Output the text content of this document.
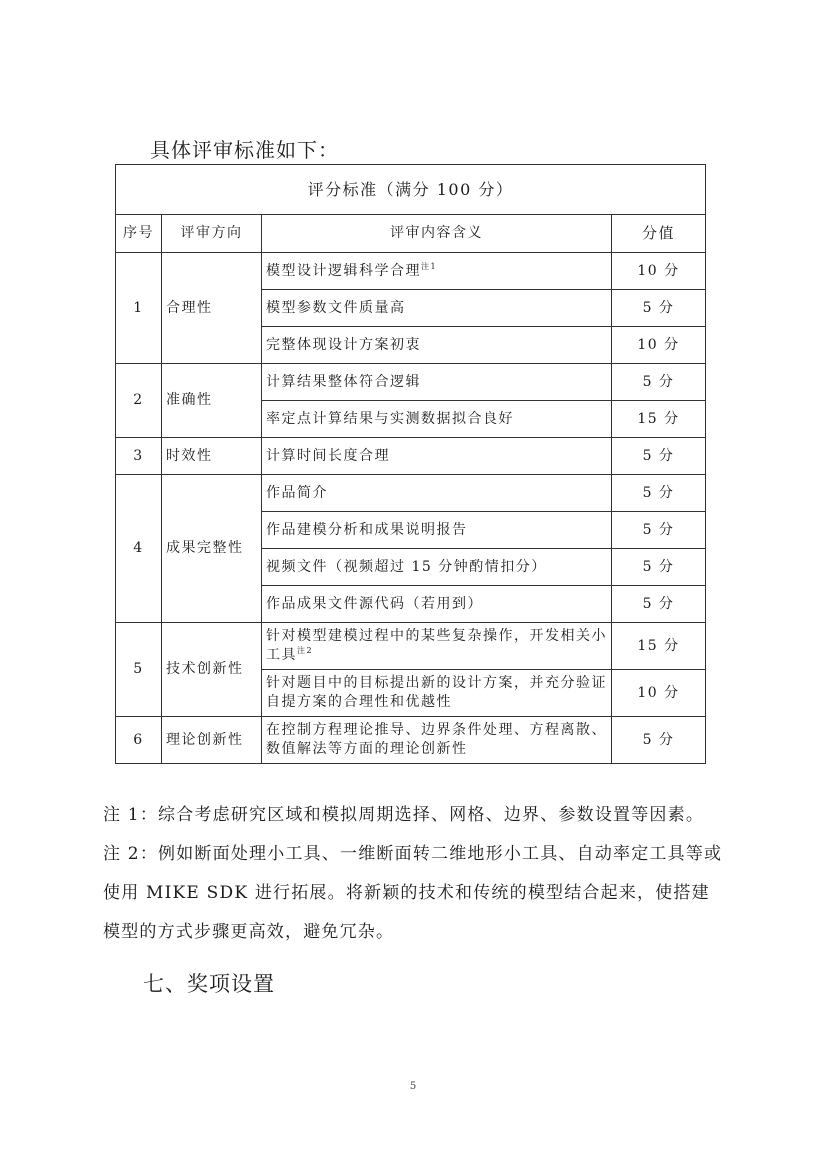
具体评审标准如下：
评分标准（满分 100 分）			
序号	评审方向	评审内容含义	分值
1	合理性	模型设计逻辑科学合理$^{注1}$	10 分
		模型参数文件质量高	5 分
		完整体现设计方案初衷	10 分
2	准确性	计算结果整体符合逻辑	5 分
		率定点计算结果与实测数据拟合良好	15 分
3	时效性	计算时间长度合理	5 分
4	成果完整性	作品简介	5 分
		作品建模分析和成果说明报告	5 分
		视频文件（视频超过 15 分钟酌情扣分）	5 分
		作品成果文件源代码（若用到）	5 分
5	技术创新性	针对模型建模过程中的某些复杂操作，开发相关小工具$^{注2}$	15 分
		针对题目中的目标提出新的设计方案，并充分验证自提方案的合理性和优越性	10 分
6	理论创新性	在控制方程理论推导、边界条件处理、方程离散、数值解法等方面的理论创新性	5 分

注 1：综合考虑研究区域和模拟周期选择、网格、边界、参数设置等因素。

注 2：例如断面处理小工具、一维断面转二维地形小工具、自动率定工具等或使用 MIKE SDK 进行拓展。将新颖的技术和传统的模型结合起来，使搭建模型的方式步骤更高效，避免冗杂。

七、奖项设置
5
